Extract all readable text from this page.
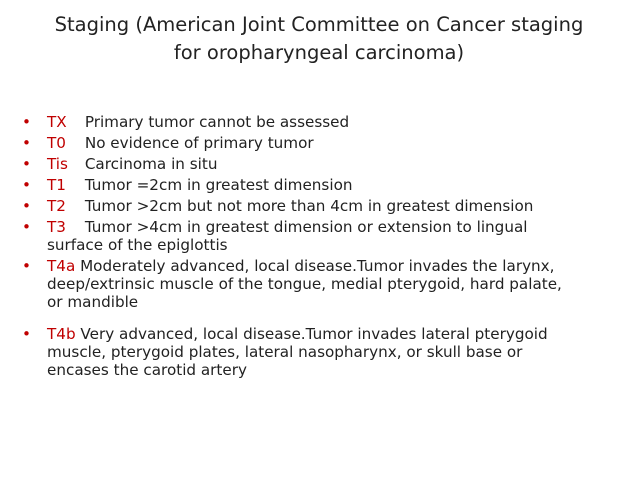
Staging (American Joint Committee on Cancer staging
for oropharyngeal carcinoma)
• TX Primary tumor cannot be assessed
• T0 No evidence of primary tumor
• Tis Carcinoma in situ
• T1 Tumor =2cm in greatest dimension
• T2 Tumor >2cm but not more than 4cm in greatest dimension
• T3 Tumor >4cm in greatest dimension or extension to lingual
surface of the epiglottis
• T4a Moderately advanced, local disease.Tumor invades the larynx,
deep/extrinsic muscle of the tongue, medial pterygoid, hard palate,
or mandible
• T4b Very advanced, local disease.Tumor invades lateral pterygoid
muscle, pterygoid plates, lateral nasopharynx, or skull base or
encases the carotid artery
